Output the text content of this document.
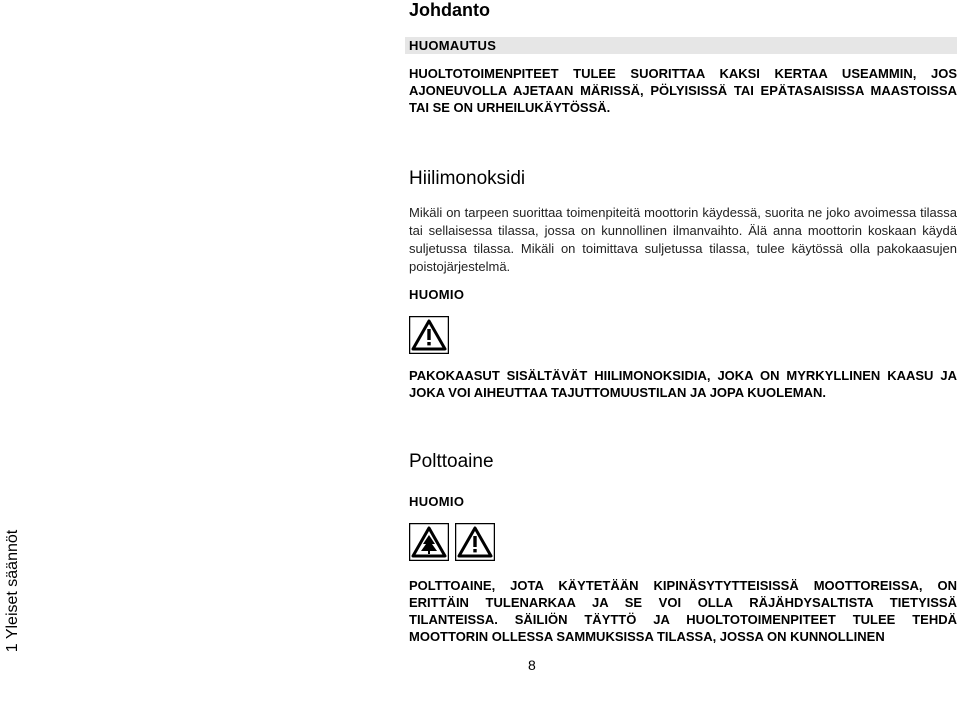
Johdanto
HUOMAUTUS

HUOLTOTOIMENPITEET TULEE SUORITTAA KAKSI KERTAA USEAMMIN, JOS AJONEUVOLLA AJETAAN MÄRISSÄ, PÖLYISISSÄ TAI EPÄTASAISISSA MAASTOISSA TAI SE ON URHEILUKÄYTÖSSÄ.

Hiilimonoksidi

Mikäli on tarpeen suorittaa toimenpiteitä moottorin käydessä, suorita ne joko avoimessa tilassa tai sellaisessa tilassa, jossa on kunnollinen ilmanvaihto. Älä anna moottorin koskaan käydä suljetussa tilassa. Mikäli on toimittava suljetussa tilassa, tulee käytössä olla pakokaasujen poistojärjestelmä.

HUOMIO

PAKOKAASUT SISÄLTÄVÄT HIILIMONOKSIDIA, JOKA ON MYRKYLLINEN KAASU JA JOKA VOI AIHEUTTAA TAJUTTOMUUSTILAN JA JOPA KUOLEMAN.

Polttoaine
HUOMIO

POLTTOAINE, JOTA KÄYTETÄÄN KIPINÄSYTYTTEISISSÄ MOOTTOREISSA, ON ERITTÄIN TULENARKAA JA SE VOI OLLA RÄJÄHDYSALTISTA TIETYISSÄ TILANTEISSA. SÄILIÖN TÄYTTÖ JA HUOLTOTOIMENPITEET TULEE TEHDÄ MOOTTORIN OLLESSA SAMMUKSISSA TILASSA, JOSSA ON KUNNOLLINEN

1 Yleiset säännöt
8
